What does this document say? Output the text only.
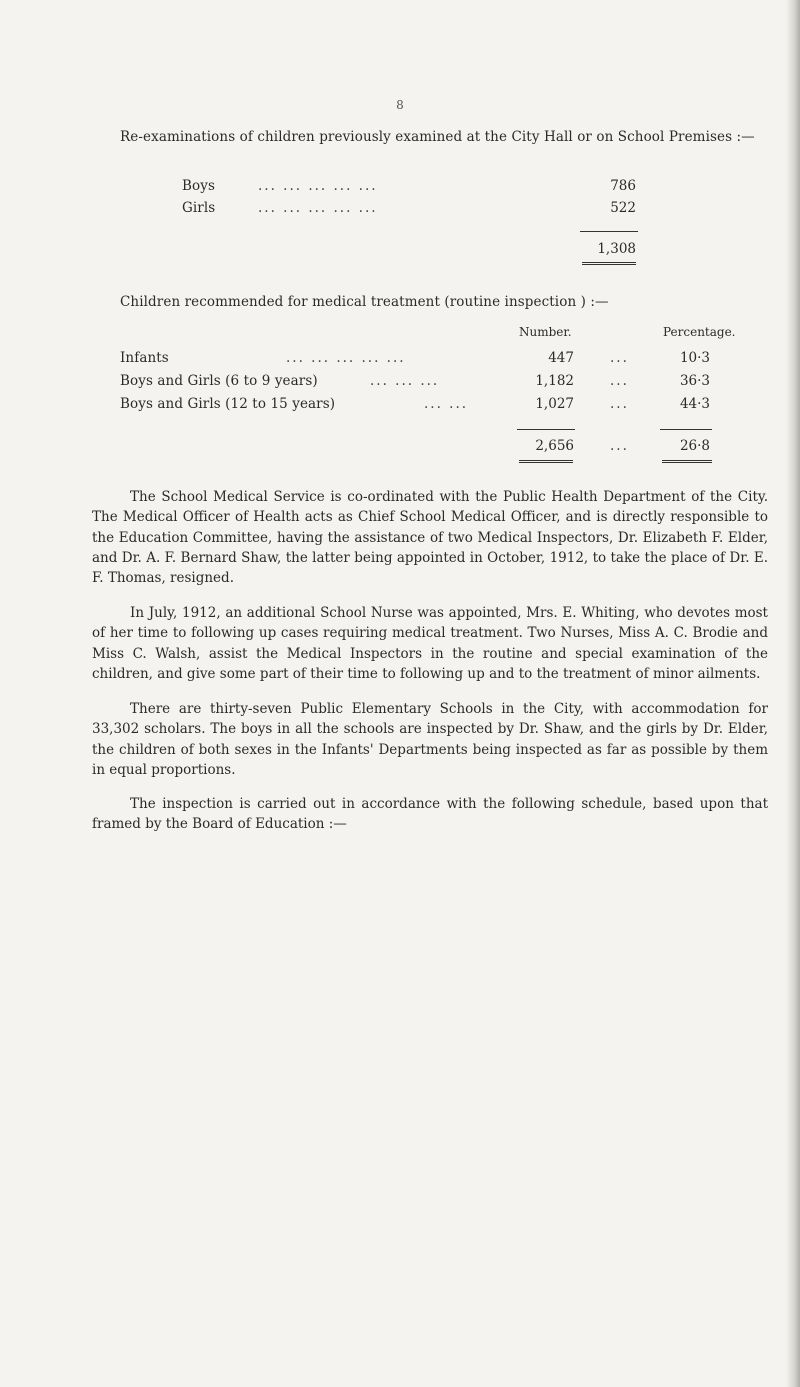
8
Re-examinations of children previously examined at the City Hall or on School Premises :—
Boys	... ... ... ... ...	786
Girls	... ... ... ... ...	522
1,308
Children recommended for medical treatment (routine inspection ) :—
Number.	Percentage.
Infants	... ... ... ... ...	447	...	10·3
Boys and Girls (6 to 9 years)	... ... ...	1,182	...	36·3
Boys and Girls (12 to 15 years)	... ...	1,027	...	44·3
2,656	...	26·8
The School Medical Service is co-ordinated with the Public Health Department of the City. The Medical Officer of Health acts as Chief School Medical Officer, and is directly responsible to the Education Committee, having the assistance of two Medical Inspectors, Dr. Elizabeth F. Elder, and Dr. A. F. Bernard Shaw, the latter being appointed in October, 1912, to take the place of Dr. E. F. Thomas, resigned.
In July, 1912, an additional School Nurse was appointed, Mrs. E. Whiting, who devotes most of her time to following up cases requiring medical treatment. Two Nurses, Miss A. C. Brodie and Miss C. Walsh, assist the Medical Inspectors in the routine and special examination of the children, and give some part of their time to following up and to the treatment of minor ailments.
There are thirty-seven Public Elementary Schools in the City, with accommodation for 33,302 scholars. The boys in all the schools are inspected by Dr. Shaw, and the girls by Dr. Elder, the children of both sexes in the Infants' Departments being inspected as far as possible by them in equal proportions.
The inspection is carried out in accordance with the following schedule, based upon that framed by the Board of Education :—
